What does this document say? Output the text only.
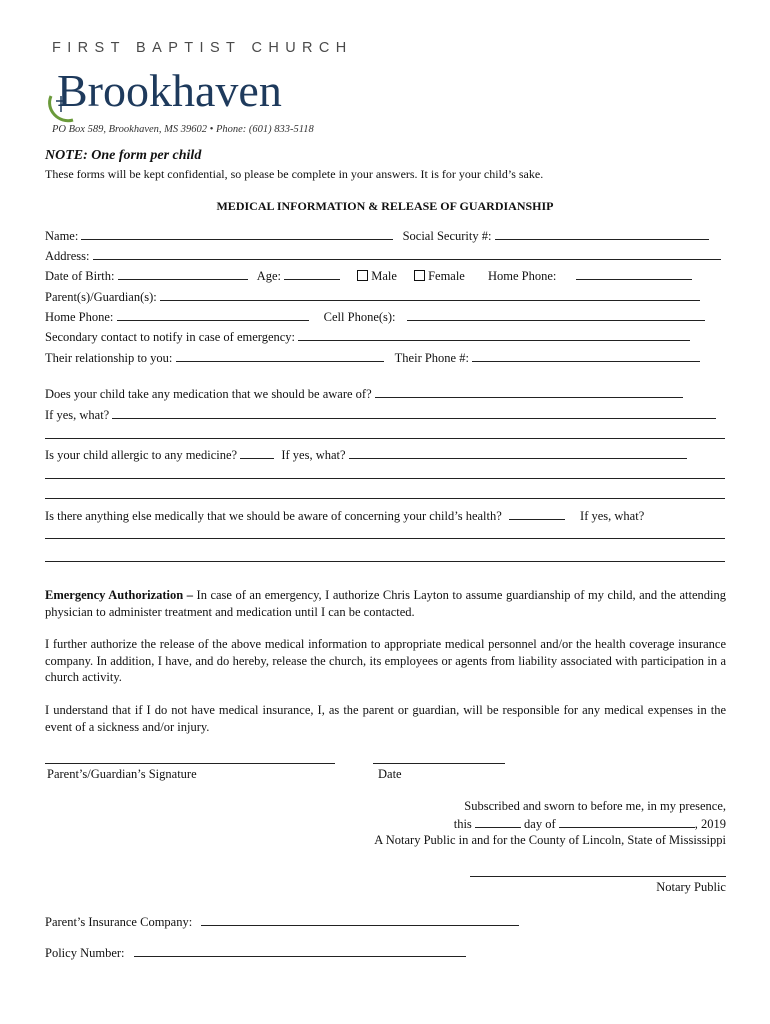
FIRST BAPTIST CHURCH
Brookhaven
PO Box 589, Brookhaven, MS 39602 • Phone: (601) 833-5118
NOTE: One form per child
These forms will be kept confidential, so please be complete in your answers. It is for your child’s sake.
MEDICAL INFORMATION & RELEASE OF GUARDIANSHIP
Name:	Social Security #:
Address:
Date of Birth:	Age:	Male Female Home Phone:
Parent(s)/Guardian(s):
Home Phone:	Cell Phone(s):
Secondary contact to notify in case of emergency:
Their relationship to you:	Their Phone #:
Does your child take any medication that we should be aware of?
If yes, what?
Is your child allergic to any medicine?	If yes, what?
Is there anything else medically that we should be aware of concerning your child’s health?	If yes, what?
Emergency Authorization – In case of an emergency, I authorize Chris Layton to assume guardianship of my child, and the attending physician to administer treatment and medication until I can be contacted.
I further authorize the release of the above medical information to appropriate medical personnel and/or the health coverage insurance company. In addition, I have, and do hereby, release the church, its employees or agents from liability associated with participation in a church activity.
I understand that if I do not have medical insurance, I, as the parent or guardian, will be responsible for any medical expenses in the event of a sickness and/or injury.
Parent’s/Guardian’s Signature	Date
Subscribed and sworn to before me, in my presence,
this	day of	, 2019
A Notary Public in and for the County of Lincoln, State of Mississippi
Notary Public
Parent’s Insurance Company:
Policy Number:
